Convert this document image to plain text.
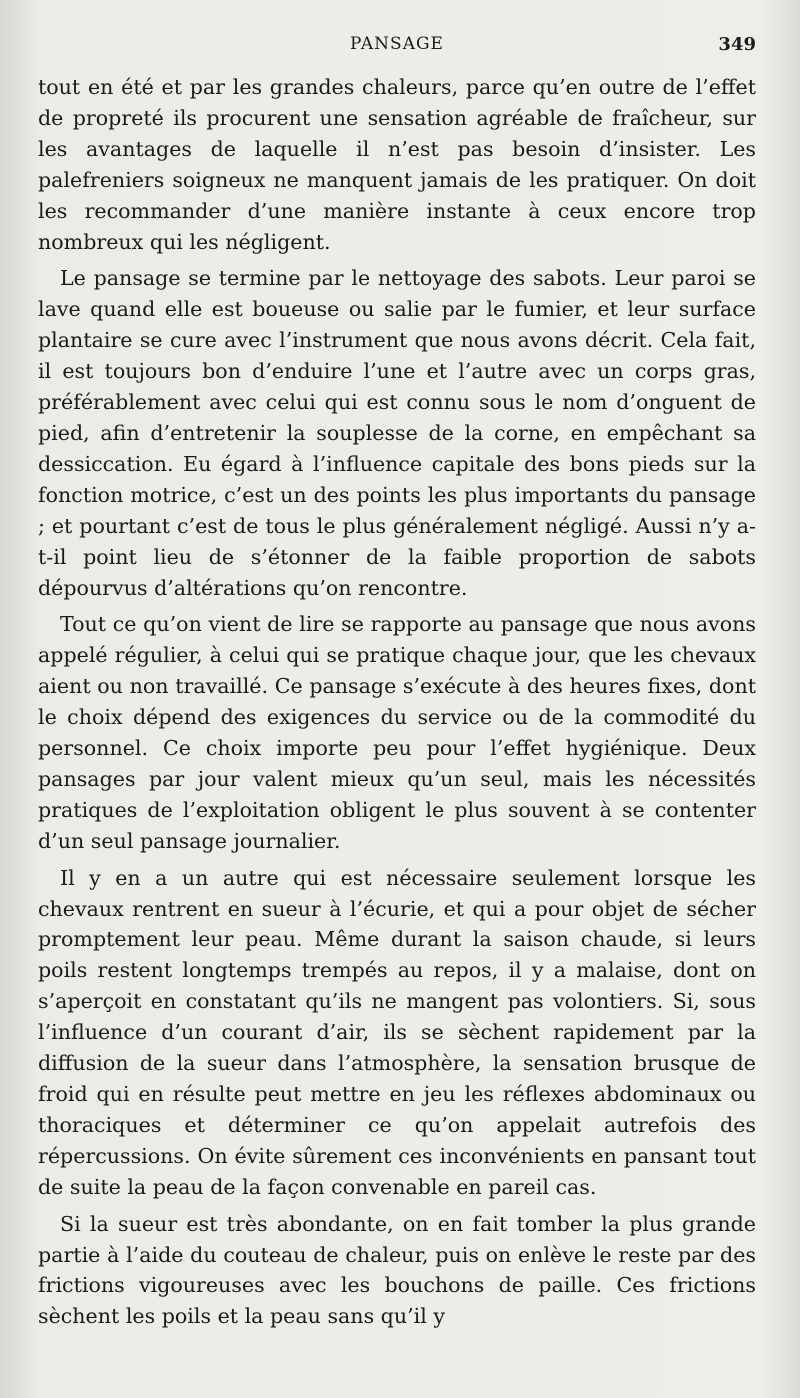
PANSAGE	349

tout en été et par les grandes chaleurs, parce qu’en outre de l’effet de propreté ils procurent une sensation agréable de fraîcheur, sur les avantages de laquelle il n’est pas besoin d’insister. Les palefreniers soigneux ne manquent jamais de les pratiquer. On doit les recommander d’une manière instante à ceux encore trop nombreux qui les négligent.

Le pansage se termine par le nettoyage des sabots. Leur paroi se lave quand elle est boueuse ou salie par le fumier, et leur surface plantaire se cure avec l’instrument que nous avons décrit. Cela fait, il est toujours bon d’enduire l’une et l’autre avec un corps gras, préférablement avec celui qui est connu sous le nom d’onguent de pied, afin d’entretenir la souplesse de la corne, en empêchant sa dessiccation. Eu égard à l’influence capitale des bons pieds sur la fonction motrice, c’est un des points les plus importants du pansage ; et pourtant c’est de tous le plus généralement négligé. Aussi n’y a-t-il point lieu de s’étonner de la faible proportion de sabots dépourvus d’altérations qu’on rencontre.

Tout ce qu’on vient de lire se rapporte au pansage que nous avons appelé régulier, à celui qui se pratique chaque jour, que les chevaux aient ou non travaillé. Ce pansage s’exécute à des heures fixes, dont le choix dépend des exigences du service ou de la commodité du personnel. Ce choix importe peu pour l’effet hygiénique. Deux pansages par jour valent mieux qu’un seul, mais les nécessités pratiques de l’exploitation obligent le plus souvent à se contenter d’un seul pansage journalier.

Il y en a un autre qui est nécessaire seulement lorsque les chevaux rentrent en sueur à l’écurie, et qui a pour objet de sécher promptement leur peau. Même durant la saison chaude, si leurs poils restent longtemps trempés au repos, il y a malaise, dont on s’aperçoit en constatant qu’ils ne mangent pas volontiers. Si, sous l’influence d’un courant d’air, ils se sèchent rapidement par la diffusion de la sueur dans l’atmosphère, la sensation brusque de froid qui en résulte peut mettre en jeu les réflexes abdominaux ou thoraciques et déterminer ce qu’on appelait autrefois des répercussions. On évite sûrement ces inconvénients en pansant tout de suite la peau de la façon convenable en pareil cas.

Si la sueur est très abondante, on en fait tomber la plus grande partie à l’aide du couteau de chaleur, puis on enlève le reste par des frictions vigoureuses avec les bouchons de paille. Ces frictions sèchent les poils et la peau sans qu’il y
